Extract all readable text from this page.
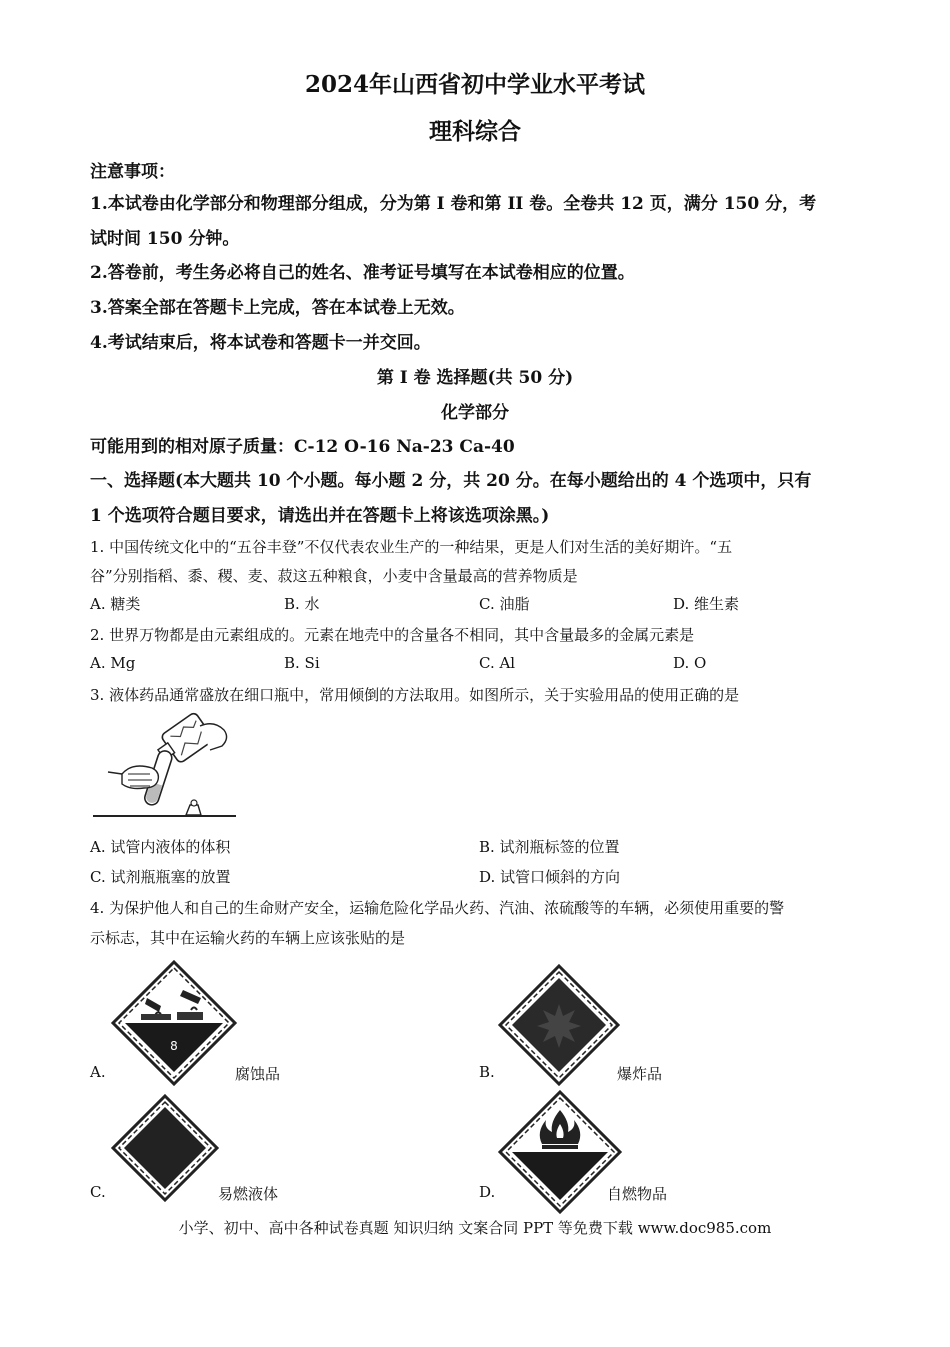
2024年山西省初中学业水平考试
理科综合
注意事项：
1.本试卷由化学部分和物理部分组成，分为第 I 卷和第 II 卷。全卷共 12 页，满分 150 分，考
试时间 150 分钟。
2.答卷前，考生务必将自己的姓名、准考证号填写在本试卷相应的位置。
3.答案全部在答题卡上完成，答在本试卷上无效。
4.考试结束后，将本试卷和答题卡一并交回。
第 I 卷 选择题(共 50 分)
化学部分
可能用到的相对原子质量：C-12 O-16 Na-23 Ca-40
一、选择题(本大题共 10 个小题。每小题 2 分，共 20 分。在每小题给出的 4 个选项中，只有
1 个选项符合题目要求，请选出并在答题卡上将该选项涂黑。)
1. 中国传统文化中的“五谷丰登”不仅代表农业生产的一种结果，更是人们对生活的美好期许。“五
谷”分别指稻、黍、稷、麦、菽这五种粮食，小麦中含量最高的营养物质是
A. 糖类	B. 水	C. 油脂	D. 维生素
2. 世界万物都是由元素组成的。元素在地壳中的含量各不相同，其中含量最多的金属元素是
A. Mg	B. Si	C. Al	D. O
3. 液体药品通常盛放在细口瓶中，常用倾倒的方法取用。如图所示，关于实验用品的使用正确的是
A. 试管内液体的体积	B. 试剂瓶标签的位置
C. 试剂瓶瓶塞的放置	D. 试管口倾斜的方向
4. 为保护他人和自己的生命财产安全，运输危险化学品火药、汽油、浓硫酸等的车辆，必须使用重要的警
示标志，其中在运输火药的车辆上应该张贴的是
8
A.	腐蚀品	B.	爆炸品
C.	易燃液体	D.	自燃物品
小学、初中、高中各种试卷真题 知识归纳 文案合同 PPT 等免费下载 www.doc985.com
